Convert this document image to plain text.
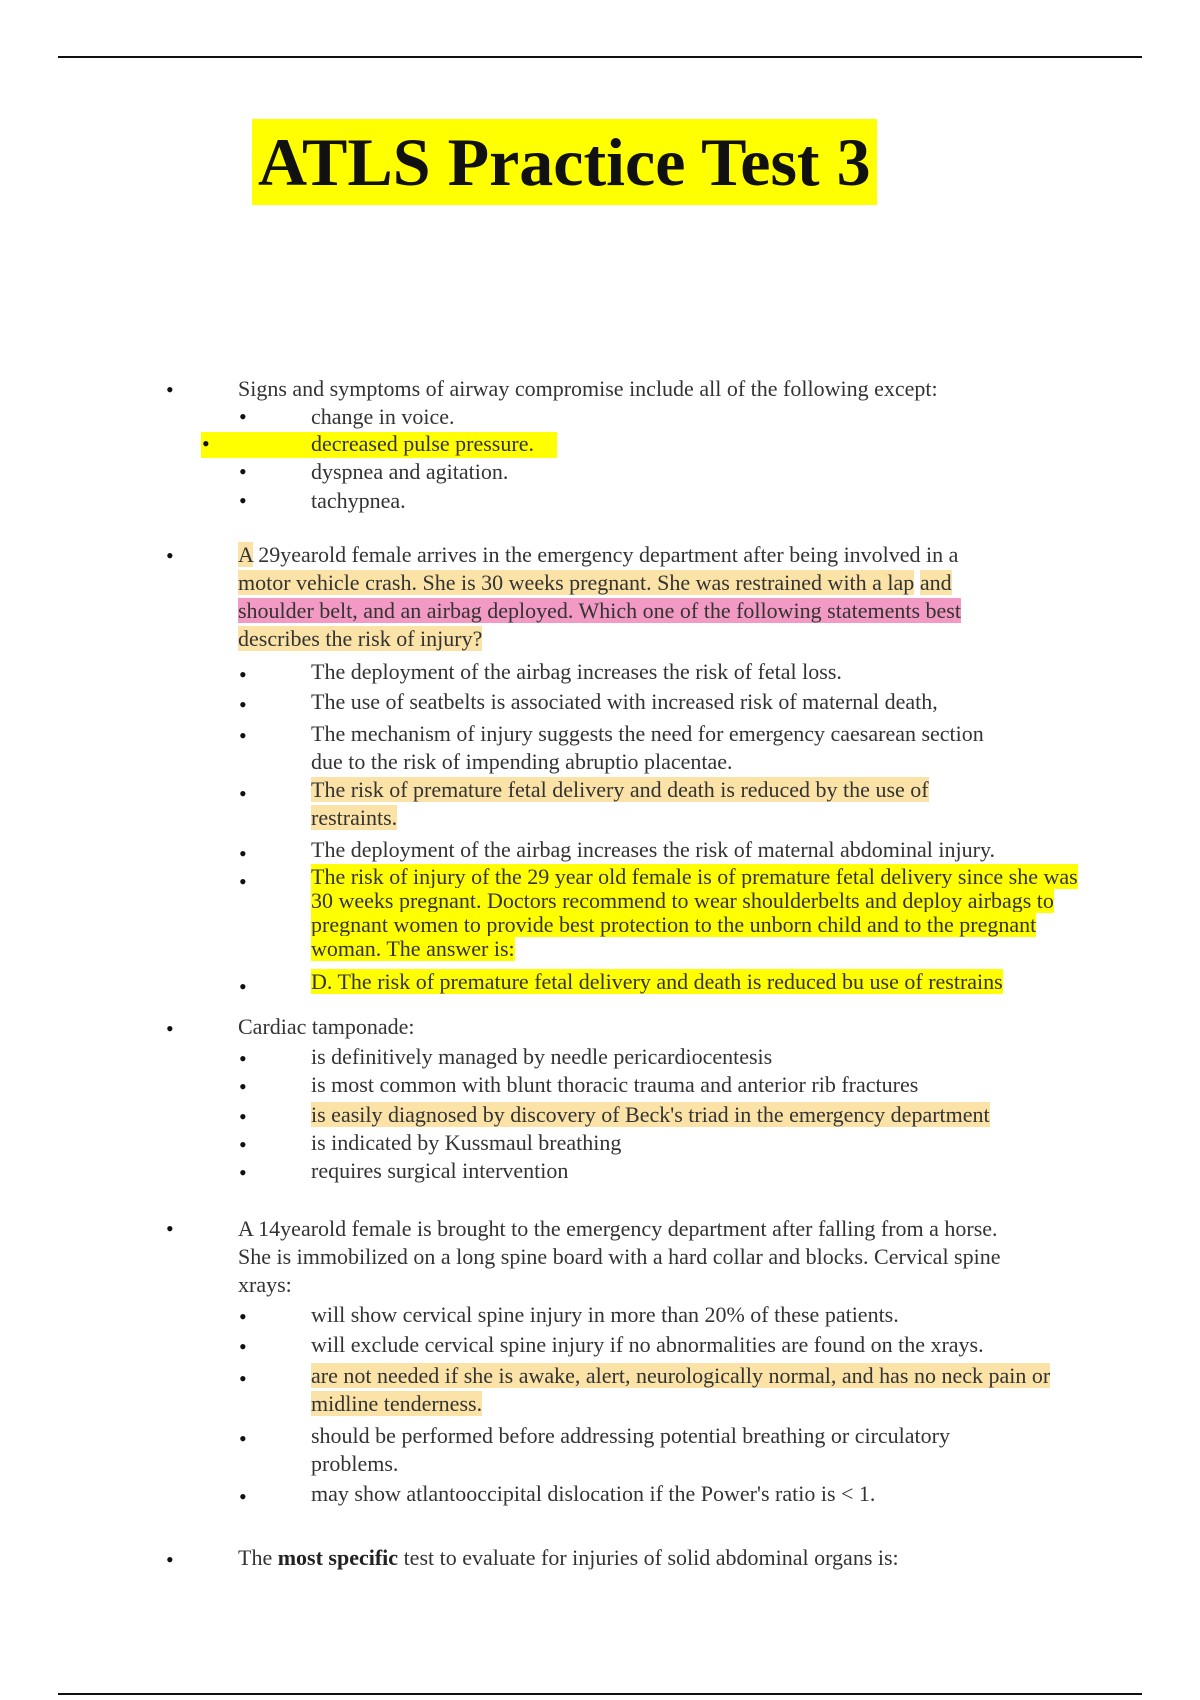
ATLS Practice Test 3
•	Signs and symptoms of airway compromise include all of the following except:
•	change in voice.
•	decreased pulse pressure.
•	dyspnea and agitation.
•	tachypnea.
•	A 29yearold female arrives in the emergency department after being involved in a motor vehicle crash. She is 30 weeks pregnant. She was restrained with a lap and shoulder belt, and an airbag deployed. Which one of the following statements best describes the risk of injury?
•	The deployment of the airbag increases the risk of fetal loss.
•	The use of seatbelts is associated with increased risk of maternal death,
•	The mechanism of injury suggests the need for emergency caesarean section due to the risk of impending abruptio placentae.
•	The risk of premature fetal delivery and death is reduced by the use of restraints.
•	The deployment of the airbag increases the risk of maternal abdominal injury.
•	The risk of injury of the 29 year old female is of premature fetal delivery since she was 30 weeks pregnant. Doctors recommend to wear shoulderbelts and deploy airbags to pregnant women to provide best protection to the unborn child and to the pregnant woman. The answer is:
•	D. The risk of premature fetal delivery and death is reduced bu use of restrains
•	Cardiac tamponade:
•	is definitively managed by needle pericardiocentesis
•	is most common with blunt thoracic trauma and anterior rib fractures
•	is easily diagnosed by discovery of Beck's triad in the emergency department
•	is indicated by Kussmaul breathing
•	requires surgical intervention
•	A 14yearold female is brought to the emergency department after falling from a horse. She is immobilized on a long spine board with a hard collar and blocks. Cervical spine xrays:
•	will show cervical spine injury in more than 20% of these patients.
•	will exclude cervical spine injury if no abnormalities are found on the xrays.
•	are not needed if she is awake, alert, neurologically normal, and has no neck pain or midline tenderness.
•	should be performed before addressing potential breathing or circulatory problems.
•	may show atlantooccipital dislocation if the Power's ratio is < 1.
•	The most specific test to evaluate for injuries of solid abdominal organs is:
